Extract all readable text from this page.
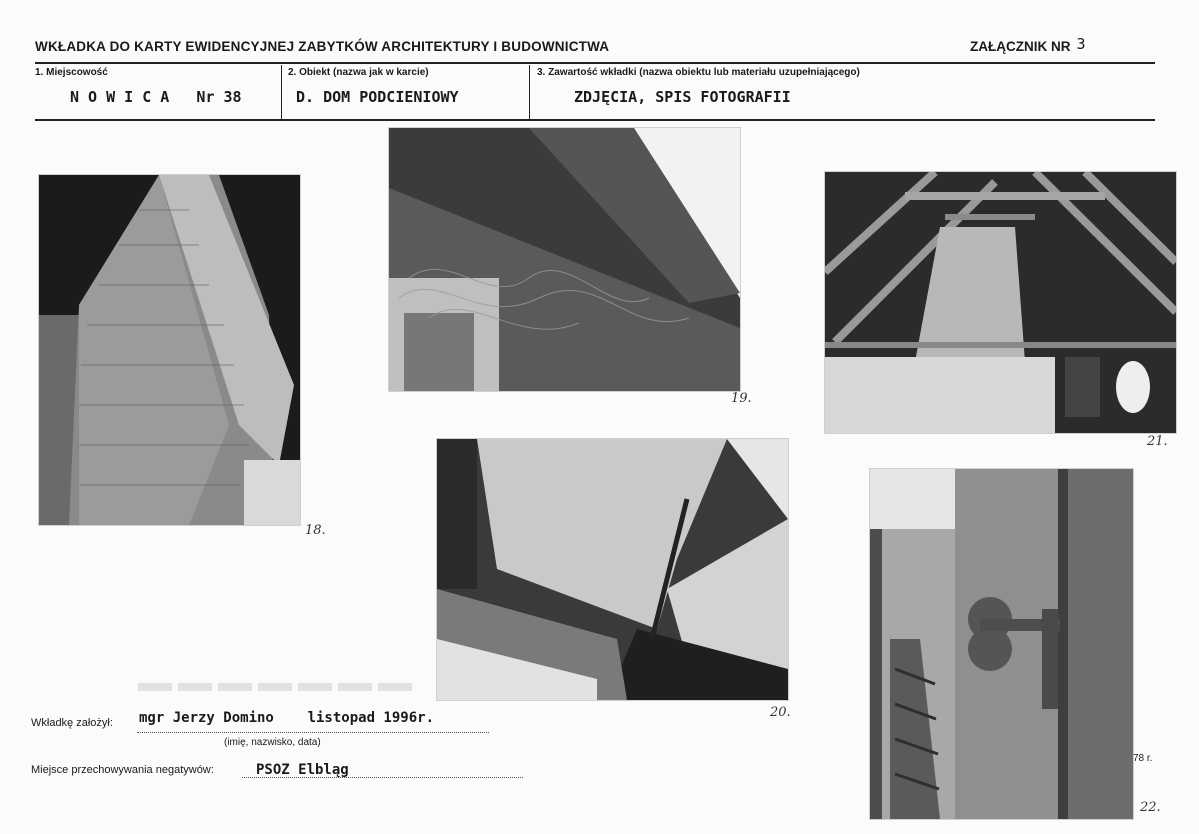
WKŁADKA DO KARTY EWIDENCYJNEJ ZABYTKÓW ARCHITEKTURY I BUDOWNICTWA	ZAŁĄCZNIK NR 3
1. Miejscowość
N O W I C A   Nr 38
2. Obiekt (nazwa jak w karcie)
D. DOM PODCIENIOWY
3. Zawartość wkładki (nazwa obiektu lub materiału uzupełniającego)
ZDJĘCIA, SPIS FOTOGRAFII
18.
19.
21.
20.
22.
78 r.
Wkładkę założył: mgr Jerzy Domino    listopad 1996r.
(imię, nazwisko, data)
Miejsce przechowywania negatywów:	PSOZ Elbląg
